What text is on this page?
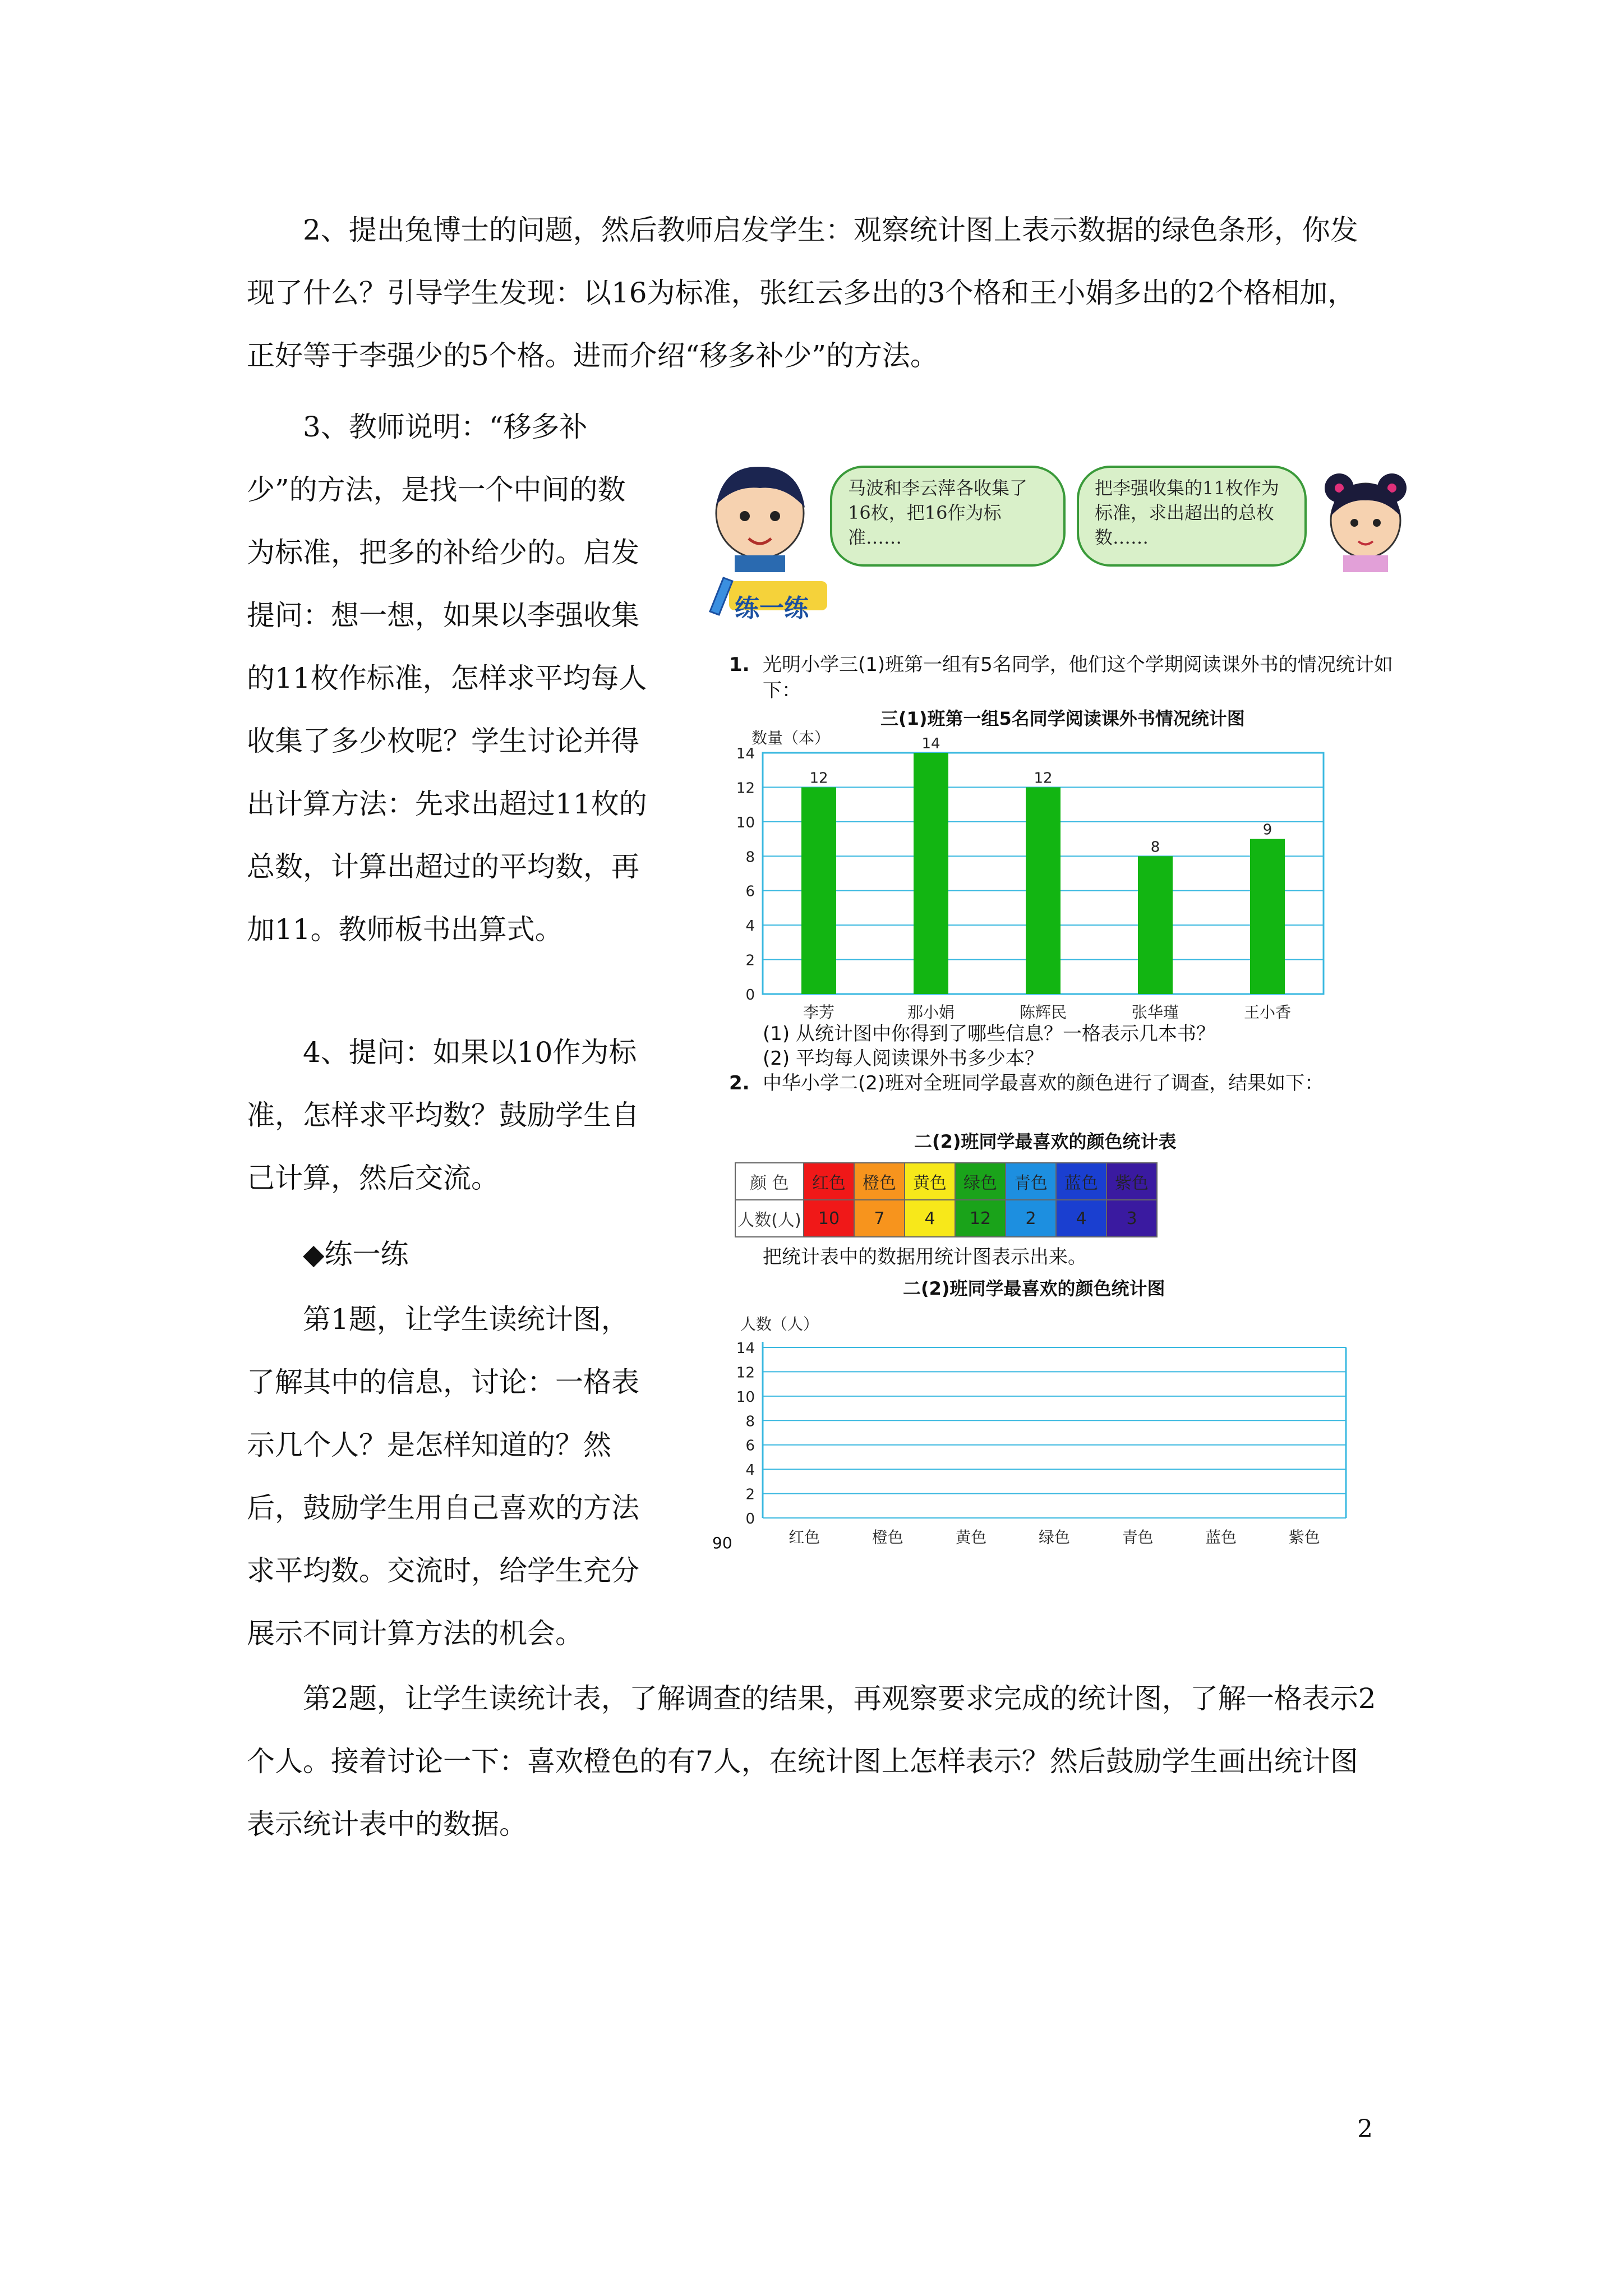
2、提出兔博士的问题，然后教师启发学生：观察统计图上表示数据的绿色条形，你发现了什么？引导学生发现：以16为标准，张红云多出的3个格和王小娟多出的2个格相加，正好等于李强少的5个格。进而介绍“移多补少”的方法。

3、教师说明：“移多补少”的方法，是找一个中间的数为标准，把多的补给少的。启发提问：想一想，如果以李强收集的11枚作标准，怎样求平均每人收集了多少枚呢？学生讨论并得出计算方法：先求出超过11枚的总数，计算出超过的平均数，再加11。教师板书出算式。

4、提问：如果以10作为标准，怎样求平均数？鼓励学生自己计算，然后交流。

◆练一练

第1题，让学生读统计图，了解其中的信息，讨论：一格表示几个人？是怎样知道的？然后，鼓励学生用自己喜欢的方法求平均数。交流时，给学生充分展示不同计算方法的机会。

第2题，让学生读统计表，了解调查的结果，再观察要求完成的统计图，了解一格表示2个人。接着讨论一下：喜欢橙色的有7人，在统计图上怎样表示？然后鼓励学生画出统计图表示统计表中的数据。

2
马波和李云萍各收集了16枚，把16作为标准……
把李强收集的11枚作为标准，求出超出的总枚数……
练一练
1. 光明小学三(1)班第一组有5名同学，他们这个学期阅读课外书的情况统计如下：
三(1)班第一组5名同学阅读课外书情况统计图
数量（本）
0
2
4
6
8
10
12
14
12
李芳
14
那小娟
12
陈辉民
8
张华瑾
9
王小香
(1) 从统计图中你得到了哪些信息？一格表示几本书？
(2) 平均每人阅读课外书多少本？
2. 中华小学二(2)班对全班同学最喜欢的颜色进行了调查，结果如下：
二(2)班同学最喜欢的颜色统计表
颜 色	红色	橙色	黄色	绿色	青色	蓝色	紫色
人数(人)	10	7	4	12	2	4	3
把统计表中的数据用统计图表示出来。
二(2)班同学最喜欢的颜色统计图
人数（人）
0
2
4
6
8
10
12
14
红色	橙色	黄色	绿色	青色	蓝色	紫色
90
